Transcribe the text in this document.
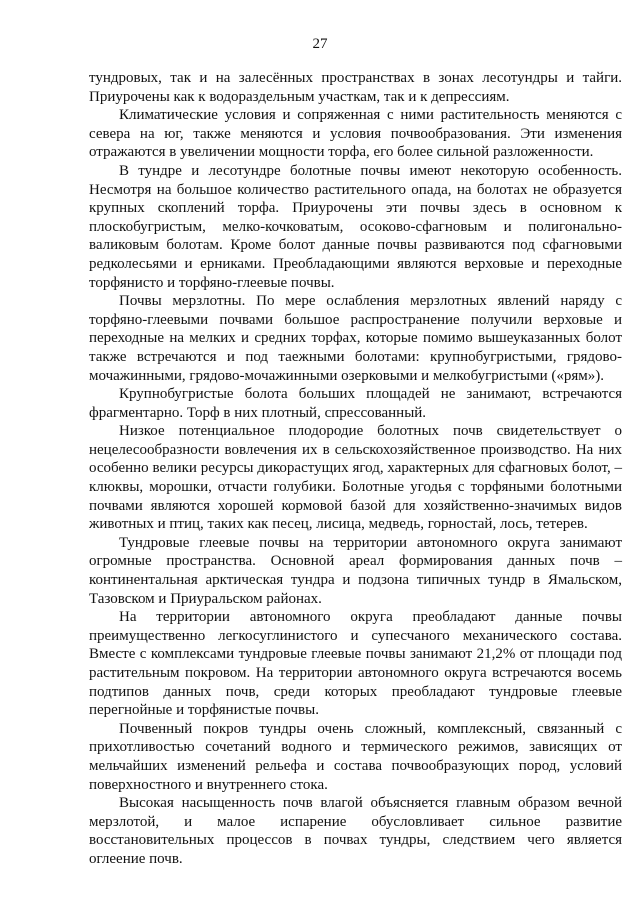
27

тундровых, так и на залесённых пространствах в зонах лесотундры и тайги. Приурочены как к водораздельным участкам, так и к депрессиям.

Климатические условия и сопряженная с ними растительность меняются с севера на юг, также меняются и условия почвообразования. Эти изменения отражаются в увеличении мощности торфа, его более сильной разложенности.

В тундре и лесотундре болотные почвы имеют некоторую особенность. Несмотря на большое количество растительного опада, на болотах не образуется крупных скоплений торфа. Приурочены эти почвы здесь в основном к плоскобугристым, мелко-кочковатым, осоково-сфагновым и полигонально-валиковым болотам. Кроме болот данные почвы развиваются под сфагновыми редколесьями и ерниками. Преобладающими являются верховые и переходные торфянисто и торфяно-глеевые почвы.

Почвы мерзлотны. По мере ослабления мерзлотных явлений наряду с торфяно-глеевыми почвами большое распространение получили верховые и переходные на мелких и средних торфах, которые помимо вышеуказанных болот также встречаются и под таежными болотами: крупнобугристыми, грядово-мочажинными, грядово-мочажинными озерковыми и мелкобугристыми («рям»).

Крупнобугристые болота больших площадей не занимают, встречаются фрагментарно. Торф в них плотный, спрессованный.

Низкое потенциальное плодородие болотных почв свидетельствует о нецелесообразности вовлечения их в сельскохозяйственное производство. На них особенно велики ресурсы дикорастущих ягод, характерных для сфагновых болот, – клюквы, морошки, отчасти голубики. Болотные угодья с торфяными болотными почвами являются хорошей кормовой базой для хозяйственно-значимых видов животных и птиц, таких как песец, лисица, медведь, горностай, лось, тетерев.

Тундровые глеевые почвы на территории автономного округа занимают огромные пространства. Основной ареал формирования данных почв – континентальная арктическая тундра и подзона типичных тундр в Ямальском, Тазовском и Приуральском районах.

На территории автономного округа преобладают данные почвы преимущественно легкосуглинистого и супесчаного механического состава. Вместе с комплексами тундровые глеевые почвы занимают 21,2% от площади под растительным покровом. На территории автономного округа встречаются восемь подтипов данных почв, среди которых преобладают тундровые глеевые перегнойные и торфянистые почвы.

Почвенный покров тундры очень сложный, комплексный, связанный с прихотливостью сочетаний водного и термического режимов, зависящих от мельчайших изменений рельефа и состава почвообразующих пород, условий поверхностного и внутреннего стока.

Высокая насыщенность почв влагой объясняется главным образом вечной мерзлотой, и малое испарение обусловливает сильное развитие восстановительных процессов в почвах тундры, следствием чего является оглеение почв.
